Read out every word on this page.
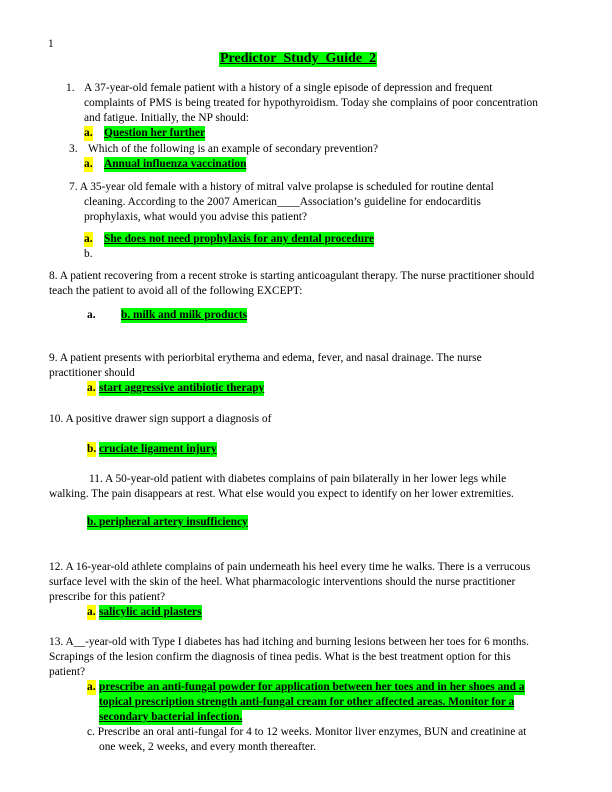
1
Predictor_Study_Guide_2
1. A 37-year-old female patient with a history of a single episode of depression and frequent
complaints of PMS is being treated for hypothyroidism. Today she complains of poor concentration
and fatigue. Initially, the NP should:
a. Question her further
3. Which of the following is an example of secondary prevention?
a. Annual influenza vaccination
7. A 35-year old female with a history of mitral valve prolapse is scheduled for routine dental
cleaning. According to the 2007 American____Association’s guideline for endocarditis
prophylaxis, what would you advise this patient?
a. She does not need prophylaxis for any dental procedure
b.
8. A patient recovering from a recent stroke is starting anticoagulant therapy. The nurse practitioner should
teach the patient to avoid all of the following EXCEPT:
a. b. milk and milk products
9. A patient presents with periorbital erythema and edema, fever, and nasal drainage. The nurse
practitioner should
a. start aggressive antibiotic therapy
10. A positive drawer sign support a diagnosis of
b. cruciate ligament injury
11. A 50-year-old patient with diabetes complains of pain bilaterally in her lower legs while
walking. The pain disappears at rest. What else would you expect to identify on her lower extremities.
b. peripheral artery insufficiency
12. A 16-year-old athlete complains of pain underneath his heel every time he walks. There is a verrucous
surface level with the skin of the heel. What pharmacologic interventions should the nurse practitioner
prescribe for this patient?
a. salicylic acid plasters
13. A__-year-old with Type I diabetes has had itching and burning lesions between her toes for 6 months.
Scrapings of the lesion confirm the diagnosis of tinea pedis. What is the best treatment option for this
patient?
a. prescribe an anti-fungal powder for application between her toes and in her shoes and a
topical prescription strength anti-fungal cream for other affected areas. Monitor for a
secondary bacterial infection.
c. Prescribe an oral anti-fungal for 4 to 12 weeks. Monitor liver enzymes, BUN and creatinine at
one week, 2 weeks, and every month thereafter.
